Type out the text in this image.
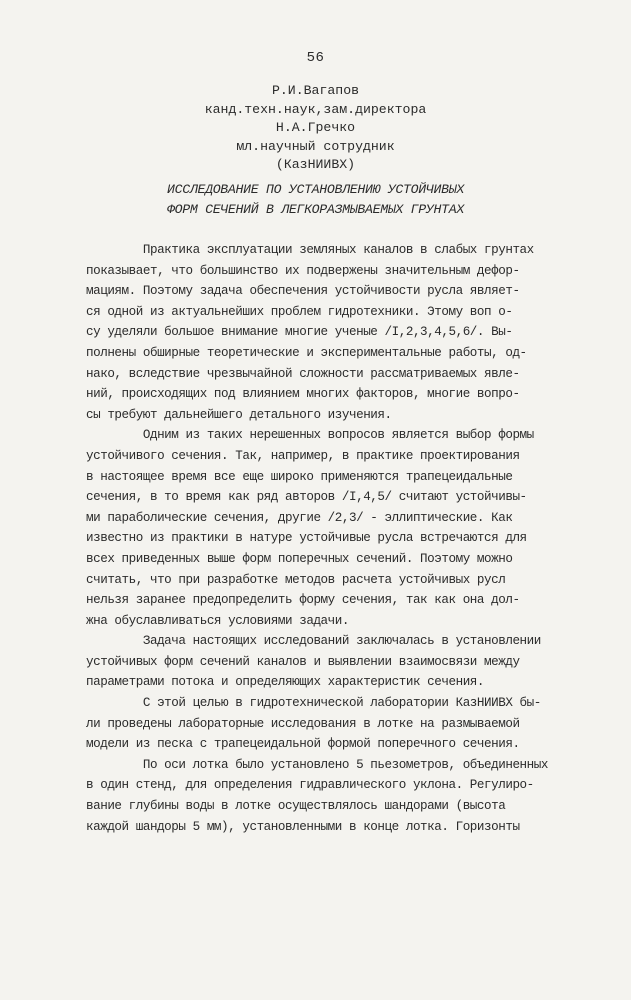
56
Р.И.Вагапов
канд.техн.наук,зам.директора
Н.А.Гречко
мл.научный сотрудник
(КазНИИВХ)
ИССЛЕДОВАНИЕ ПО УСТАНОВЛЕНИЮ УСТОЙЧИВЫХ
ФОРМ СЕЧЕНИЙ В ЛЕГКОРАЗМЫВАЕМЫХ ГРУНТАХ
Практика эксплуатации земляных каналов в слабых грунтах
показывает, что большинство их подвержены значительным дефор-
мациям. Поэтому задача обеспечения устойчивости русла являет-
ся одной из актуальнейших проблем гидротехники. Этому воп о-
су уделяли большое внимание многие ученые /I,2,3,4,5,6/. Вы-
полнены обширные теоретические и экспериментальные работы, од-
нако, вследствие чрезвычайной сложности рассматриваемых явле-
ний, происходящих под влиянием многих факторов, многие вопро-
сы требуют дальнейшего детального изучения.
Одним из таких нерешенных вопросов является выбор формы
устойчивого сечения. Так, например, в практике проектирования
в настоящее время все еще широко применяются трапецеидальные
сечения, в то время как ряд авторов /I,4,5/ считают устойчивы-
ми параболические сечения, другие /2,3/ - эллиптические. Как
известно из практики в натуре устойчивые русла встречаются для
всех приведенных выше форм поперечных сечений. Поэтому можно
считать, что при разработке методов расчета устойчивых русл
нельзя заранее предопределить форму сечения, так как она дол-
жна обуславливаться условиями задачи.
Задача настоящих исследований заключалась в установлении
устойчивых форм сечений каналов и выявлении взаимосвязи между
параметрами потока и определяющих характеристик сечения.
С этой целью в гидротехнической лаборатории КазНИИВХ бы-
ли проведены лабораторные исследования в лотке на размываемой
модели из песка с трапецеидальной формой поперечного сечения.
По оси лотка было установлено 5 пьезометров, объединенных
в один стенд, для определения гидравлического уклона. Регулиро-
вание глубины воды в лотке осуществлялось шандорами (высота
каждой шандоры 5 мм), установленными в конце лотка. Горизонты
